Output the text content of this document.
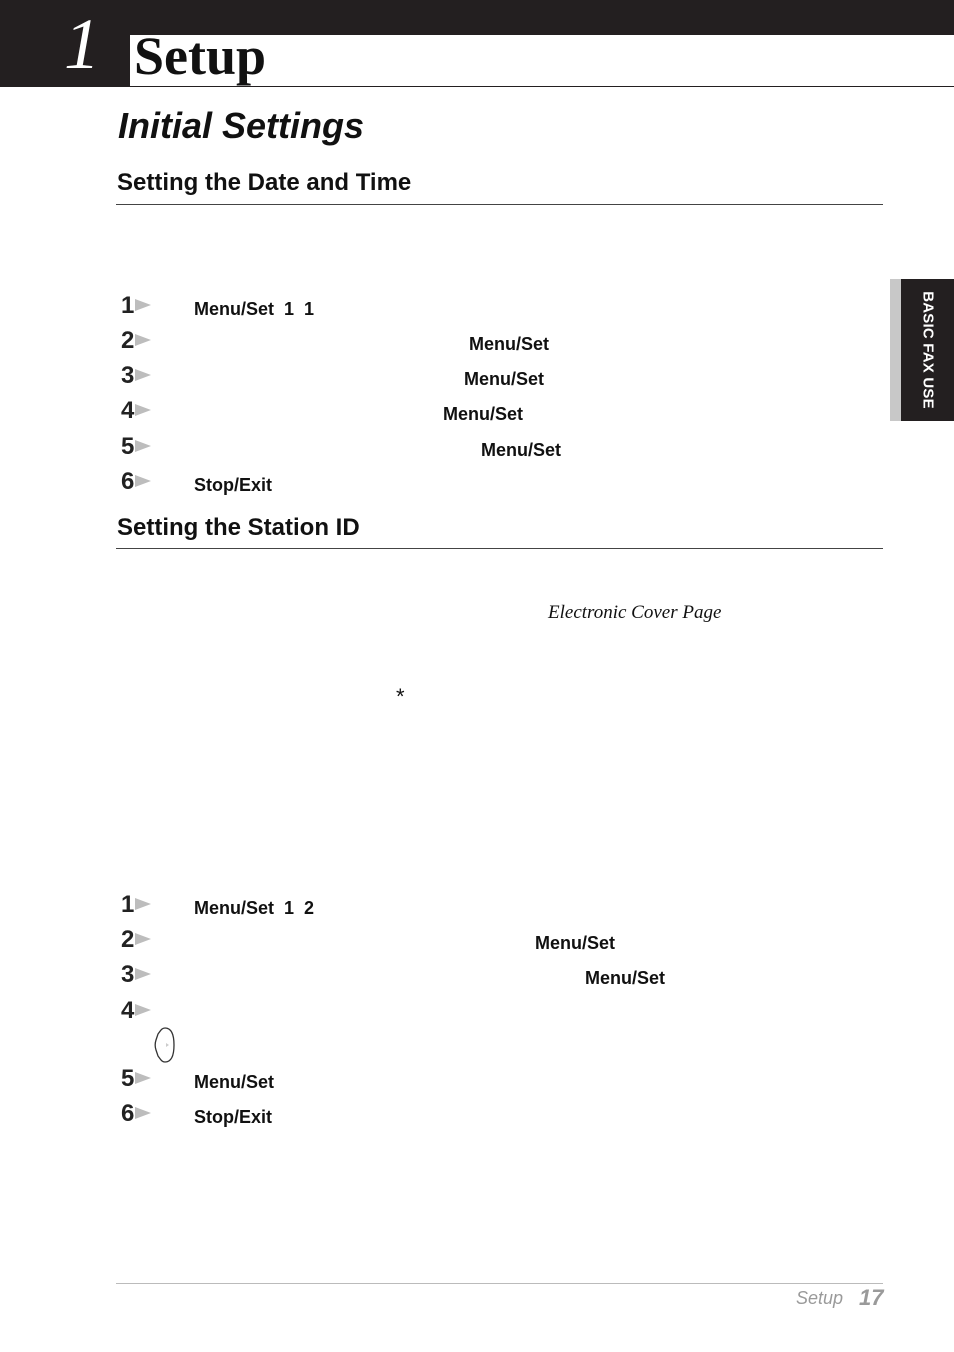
1 Setup
Initial Settings
Setting the Date and Time
1	Menu/Set  1  1
2	Menu/Set
3	Menu/Set
4	Menu/Set
5	Menu/Set
6	Stop/Exit
Setting the Station ID
Electronic Cover Page
*
1	Menu/Set  1  2
2	Menu/Set
3	Menu/Set
4
5	Menu/Set
6	Stop/Exit
BASIC FAX USE
Setup 17
